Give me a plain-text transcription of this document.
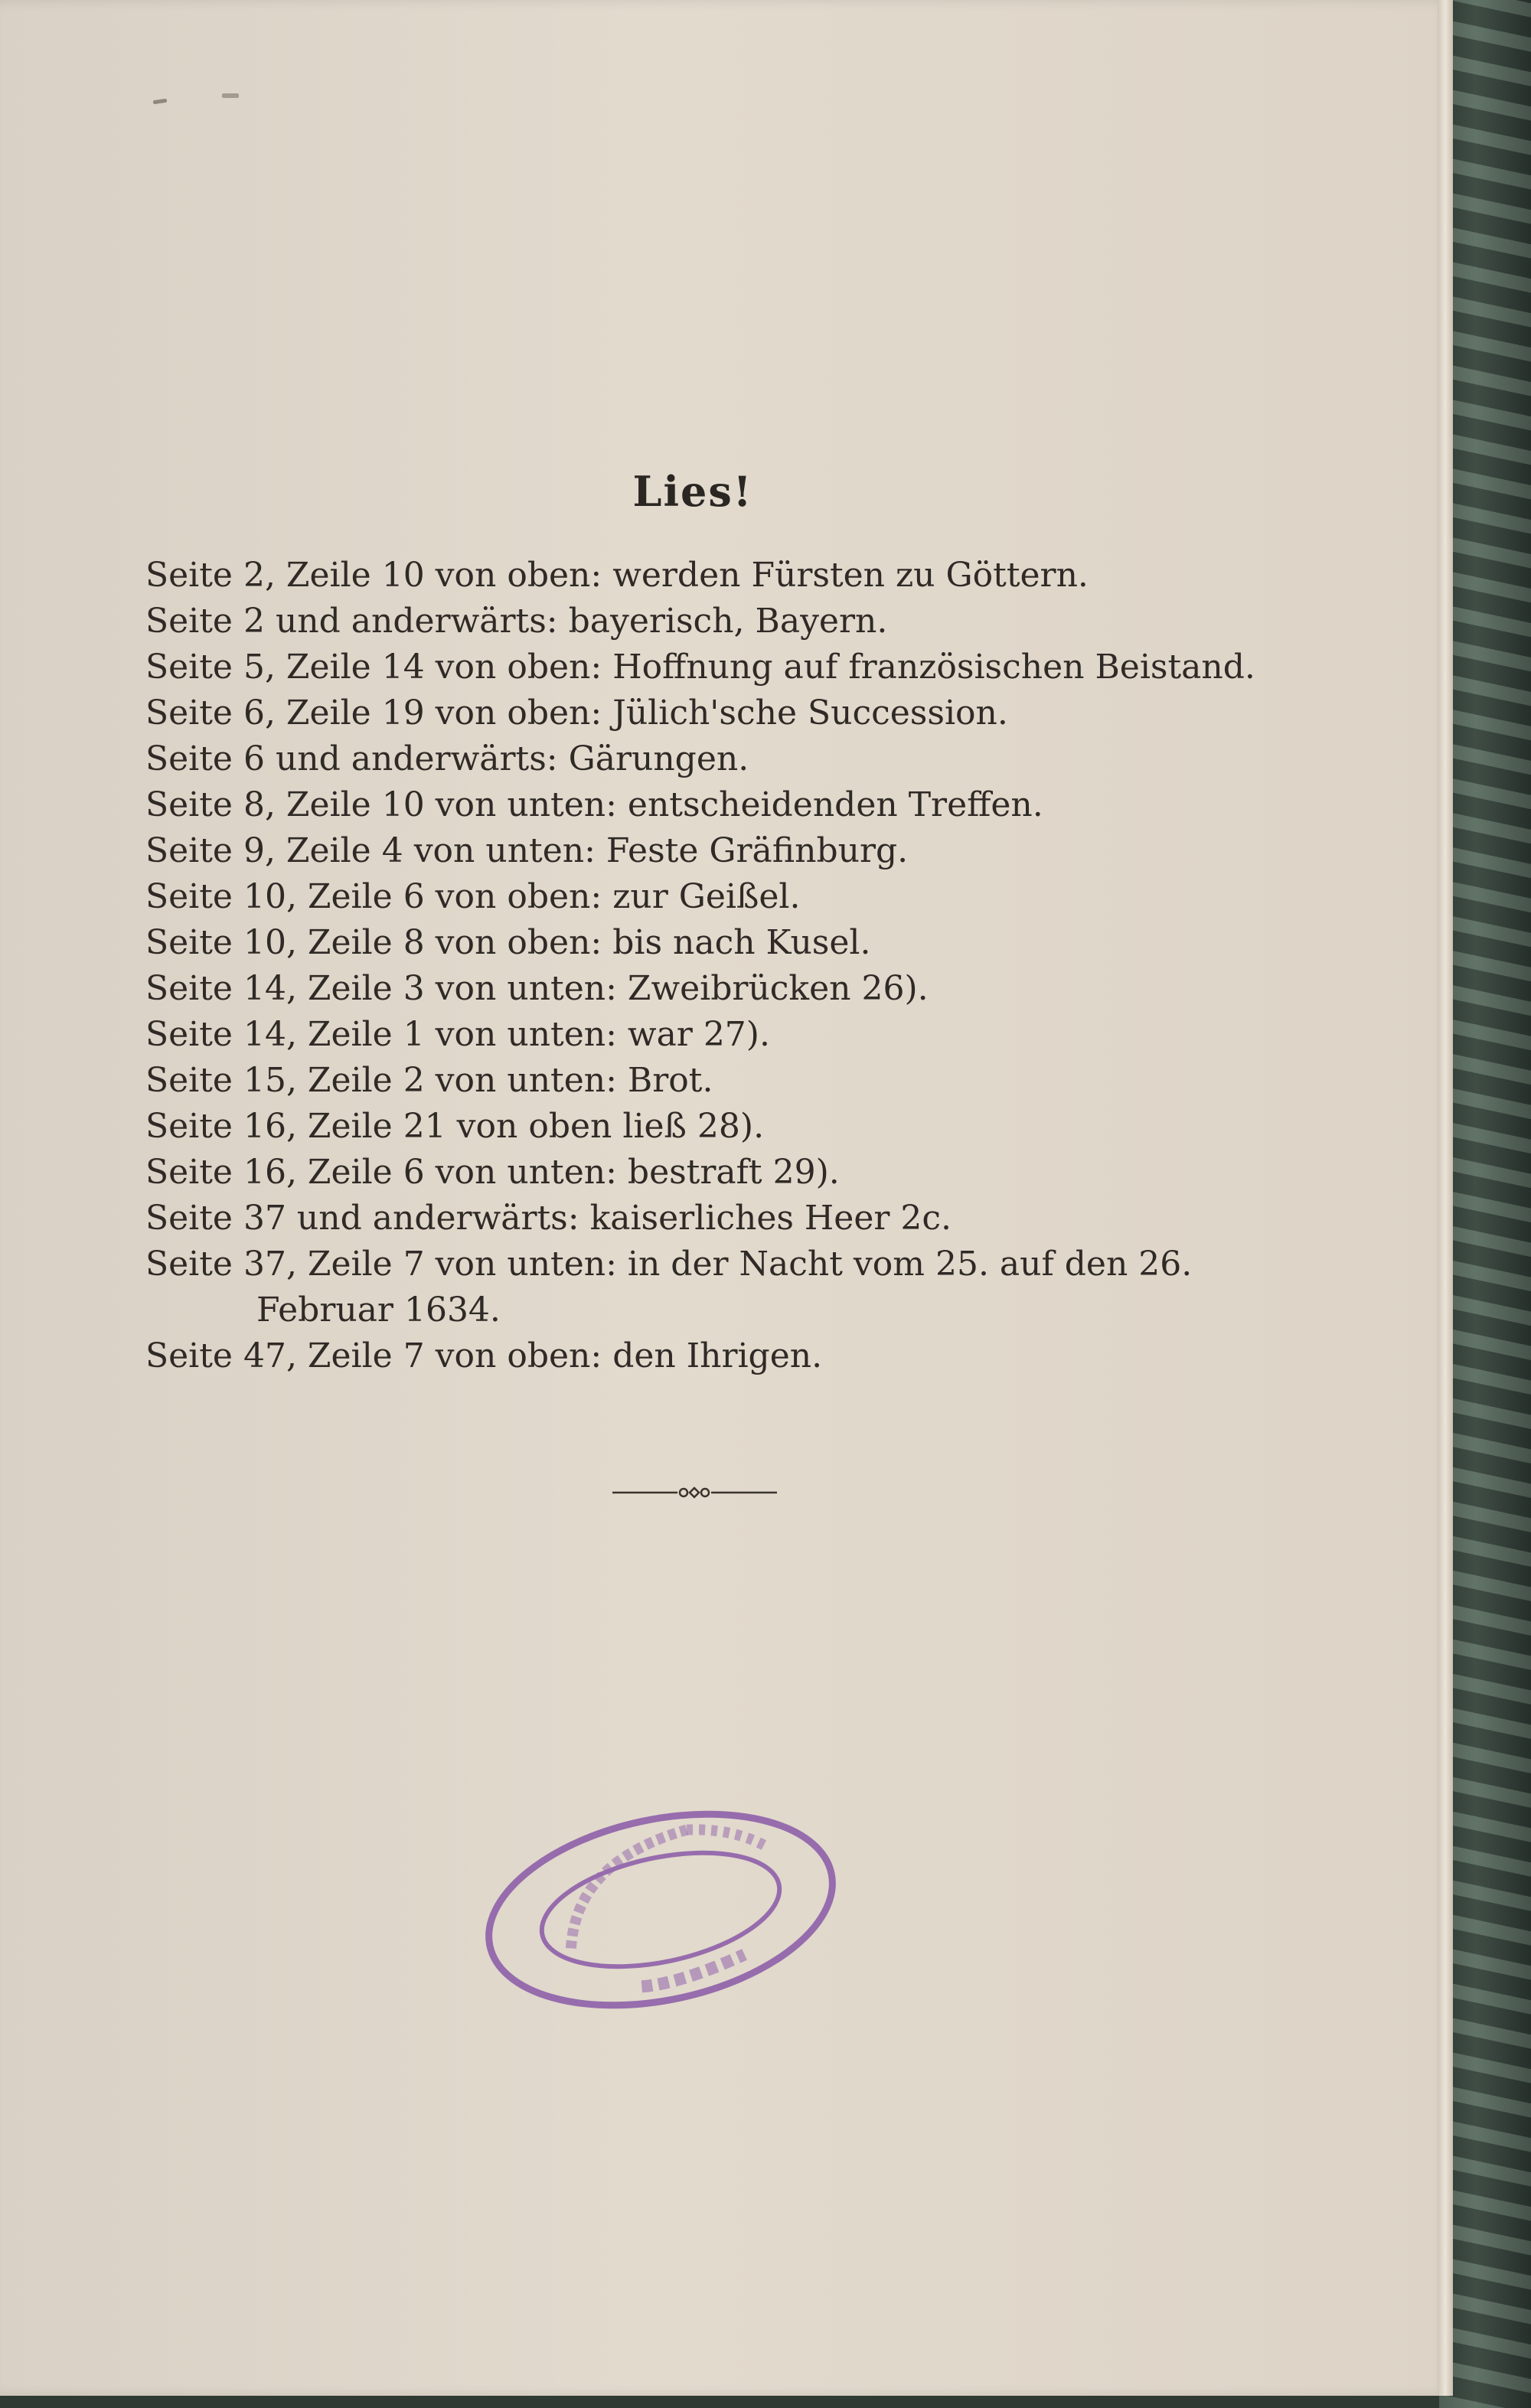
Lies!
Seite 2, Zeile 10 von oben: werden Fürsten zu Göttern.
Seite 2 und anderwärts: bayerisch, Bayern.
Seite 5, Zeile 14 von oben: Hoffnung auf französischen Beistand.
Seite 6, Zeile 19 von oben: Jülich'sche Succession.
Seite 6 und anderwärts: Gärungen.
Seite 8, Zeile 10 von unten: entscheidenden Treffen.
Seite 9, Zeile 4 von unten: Feste Gräfinburg.
Seite 10, Zeile 6 von oben: zur Geißel.
Seite 10, Zeile 8 von oben: bis nach Kusel.
Seite 14, Zeile 3 von unten: Zweibrücken 26).
Seite 14, Zeile 1 von unten: war 27).
Seite 15, Zeile 2 von unten: Brot.
Seite 16, Zeile 21 von oben ließ 28).
Seite 16, Zeile 6 von unten: bestraft 29).
Seite 37 und anderwärts: kaiserliches Heer 2c.
Seite 37, Zeile 7 von unten: in der Nacht vom 25. auf den 26.
Februar 1634.
Seite 47, Zeile 7 von oben: den Ihrigen.
